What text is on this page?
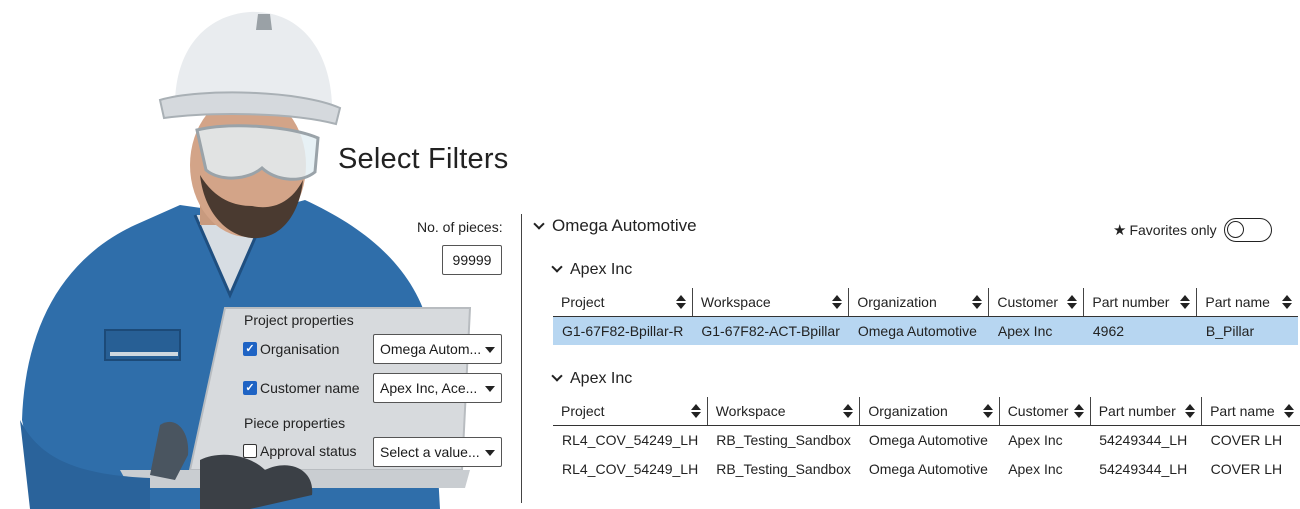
Select Filters
No. of pieces:
99999
Project properties
✓
Organisation	Omega Autom...
✓
Customer name	Apex Inc, Ace...
Piece properties
Approval status	Select a value...
Omega Automotive	★ Favorites only
Apex Inc
Project	Workspace	Organization	Customer	Part number	Part name

G1-67F82-Bpillar-R	G1-67F82-ACT-Bpillar	Omega Automotive	Apex Inc	4962	B_Pillar
Apex Inc
Project	Workspace	Organization	Customer	Part number	Part name

RL4_COV_54249_LH	RB_Testing_Sandbox	Omega Automotive	Apex Inc	54249344_LH	COVER LH
RL4_COV_54249_LH	RB_Testing_Sandbox	Omega Automotive	Apex Inc	54249344_LH	COVER LH
